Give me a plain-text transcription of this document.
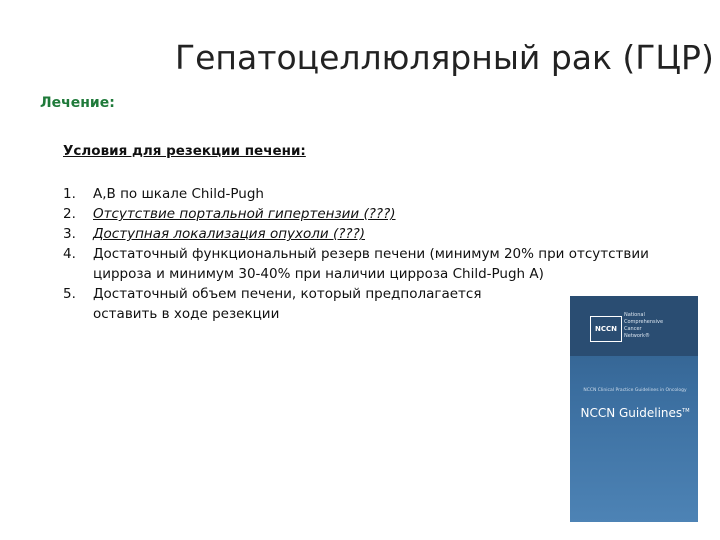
Гепатоцеллюлярный рак (ГЦР)
Лечение:
Условия для резекции печени:
1.	A,B по шкале Child-Pugh
2.	Отсутствие портальной гипертензии (???)
3.	Доступная локализация опухоли (???)
4.	Достаточный функциональный резерв печени (минимум 20% при отсутствии цирроза и минимум 30-40% при наличии цирроза Child-Pugh A)
5.	Достаточный объем печени, который предполагается оставить в ходе резекции
NCCN
National
Comprehensive
Cancer
Network®
NCCN Clinical Practice Guidelines in Oncology
NCCN Guidelines™
